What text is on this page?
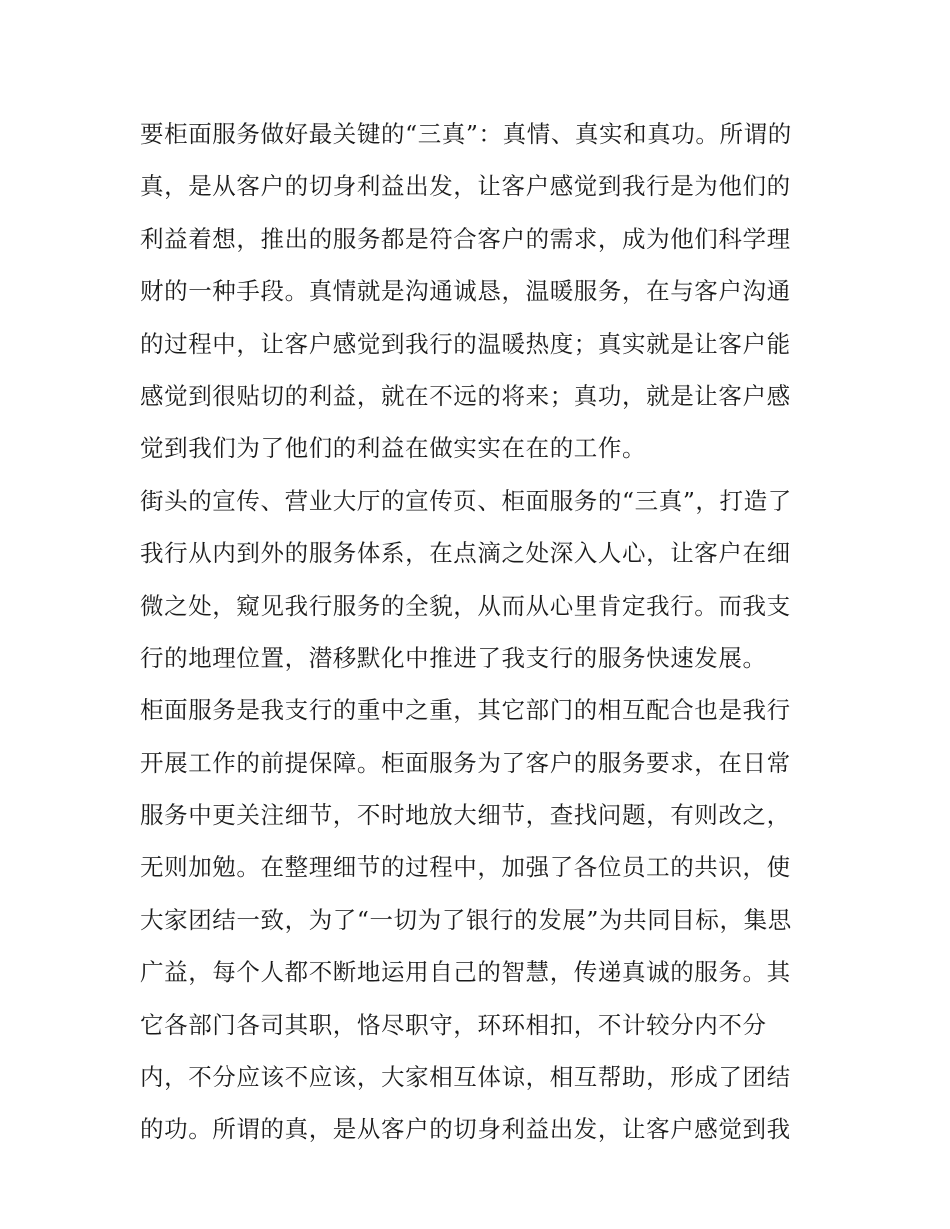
要柜面服务做好最关键的“三真”：真情、真实和真功。所谓的
真，是从客户的切身利益出发，让客户感觉到我行是为他们的
利益着想，推出的服务都是符合客户的需求，成为他们科学理
财的一种手段。真情就是沟通诚恳，温暖服务，在与客户沟通
的过程中，让客户感觉到我行的温暖热度；真实就是让客户能
感觉到很贴切的利益，就在不远的将来；真功，就是让客户感
觉到我们为了他们的利益在做实实在在的工作。
街头的宣传、营业大厅的宣传页、柜面服务的“三真”，打造了
我行从内到外的服务体系，在点滴之处深入人心，让客户在细
微之处，窥见我行服务的全貌，从而从心里肯定我行。而我支
行的地理位置，潜移默化中推进了我支行的服务快速发展。
柜面服务是我支行的重中之重，其它部门的相互配合也是我行
开展工作的前提保障。柜面服务为了客户的服务要求，在日常
服务中更关注细节，不时地放大细节，查找问题，有则改之，
无则加勉。在整理细节的过程中，加强了各位员工的共识，使
大家团结一致，为了“一切为了银行的发展”为共同目标，集思
广益，每个人都不断地运用自己的智慧，传递真诚的服务。其
它各部门各司其职，恪尽职守，环环相扣，不计较分内不分
内，不分应该不应该，大家相互体谅，相互帮助，形成了团结
的功。所谓的真，是从客户的切身利益出发，让客户感觉到我
